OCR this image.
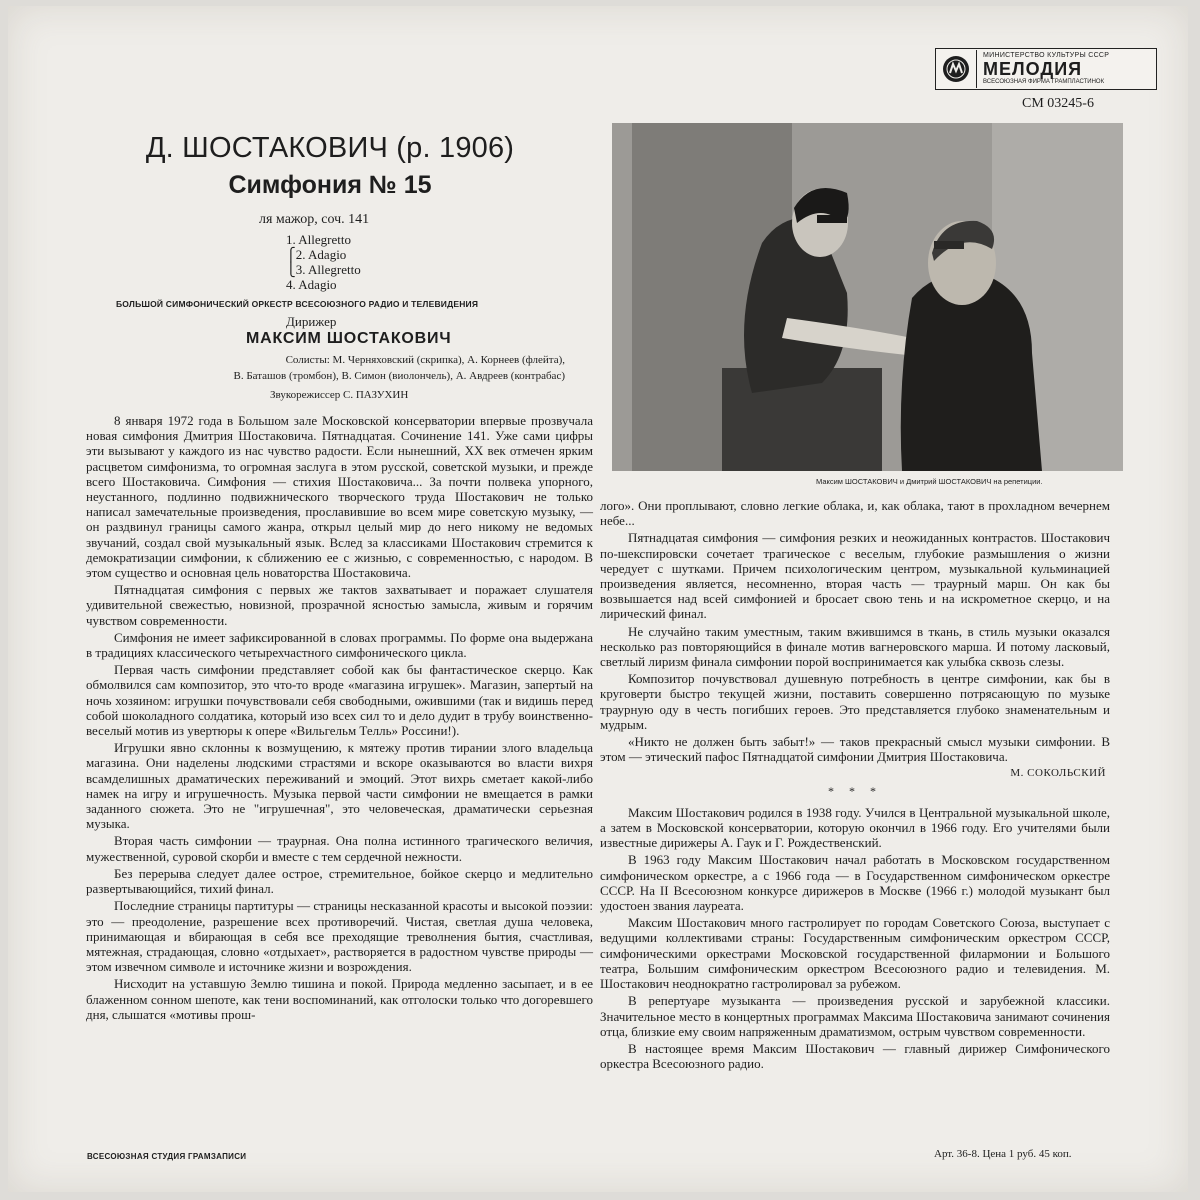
МИНИСТЕРСТВО КУЛЬТУРЫ СССР
МЕЛОДИЯ
ВСЕСОЮЗНАЯ ФИРМА ГРАМПЛАСТИНОК
СМ 03245-6
Д. ШОСТАКОВИЧ (р. 1906)
Симфония № 15
ля мажор, соч. 141
1. Allegretto
⎧2. Adagio
⎩3. Allegretto
4. Adagio
БОЛЬШОЙ СИМФОНИЧЕСКИЙ ОРКЕСТР ВСЕСОЮЗНОГО РАДИО И ТЕЛЕВИДЕНИЯ
Дирижер
МАКСИМ ШОСТАКОВИЧ
Солисты: М. Черняховский (скрипка), А. Корнеев (флейта),
В. Баташов (тромбон), В. Симон (виолончель), А. Авдреев (контрабас)
Звукорежиссер С. ПАЗУХИН
Максим ШОСТАКОВИЧ и Дмитрий ШОСТАКОВИЧ на репетиции.

8 января 1972 года в Большом зале Московской консерватории впервые прозвучала новая симфония Дмитрия Шостаковича. Пятнадцатая. Сочинение 141. Уже сами цифры эти вызывают у каждого из нас чувство радости. Если нынешний, XX век отмечен ярким расцветом симфонизма, то огромная заслуга в этом русской, советской музыки, и прежде всего Шостаковича. Симфония — стихия Шостаковича... За почти полвека упорного, неустанного, подлинно подвижнического творческого труда Шостакович не только написал замечательные произведения, прославившие во всем мире советскую музыку, — он раздвинул границы самого жанра, открыл целый мир до него никому не ведомых звучаний, создал свой музыкальный язык. Вслед за классиками Шостакович стремится к демократизации симфонии, к сближению ее с жизнью, с современностью, с народом. В этом существо и основная цель новаторства Шостаковича.

Пятнадцатая симфония с первых же тактов захватывает и поражает слушателя удивительной свежестью, новизной, прозрачной ясностью замысла, живым и горячим чувством современности.

Симфония не имеет зафиксированной в словах программы. По форме она выдержана в традициях классического четырехчастного симфонического цикла.

Первая часть симфонии представляет собой как бы фантастическое скерцо. Как обмолвился сам композитор, это что-то вроде «магазина игрушек». Магазин, запертый на ночь хозяином: игрушки почувствовали себя свободными, ожившими (так и видишь перед собой шоколадного солдатика, который изо всех сил то и дело дудит в трубу воинственно-веселый мотив из увертюры к опере «Вильгельм Телль» Россини!).

Игрушки явно склонны к возмущению, к мятежу против тирании злого владельца магазина. Они наделены людскими страстями и вскоре оказываются во власти вихря всамделишных драматических переживаний и эмоций. Этот вихрь сметает какой-либо намек на игру и игрушечность. Музыка первой части симфонии не вмещается в рамки заданного сюжета. Это не "игрушечная", это человеческая, драматически серьезная музыка.

Вторая часть симфонии — траурная. Она полна истинного трагического величия, мужественной, суровой скорби и вместе с тем сердечной нежности.

Без перерыва следует далее острое, стремительное, бойкое скерцо и медлительно развертывающийся, тихий финал.

Последние страницы партитуры — страницы несказанной красоты и высокой поэзии: это — преодоление, разрешение всех противоречий. Чистая, светлая душа человека, принимающая и вбирающая в себя все преходящие треволнения бытия, счастливая, мятежная, страдающая, словно «отдыхает», растворяется в радостном чувстве природы — этом извечном символе и источнике жизни и возрождения.

Нисходит на уставшую Землю тишина и покой. Природа медленно засыпает, и в ее блаженном сонном шепоте, как тени воспоминаний, как отголоски только что догоревшего дня, слышатся «мотивы прош-

лого». Они проплывают, словно легкие облака, и, как облака, тают в прохладном вечернем небе...

Пятнадцатая симфония — симфония резких и неожиданных контрастов. Шостакович по-шекспировски сочетает трагическое с веселым, глубокие размышления о жизни чередует с шутками. Причем психологическим центром, музыкальной кульминацией произведения является, несомненно, вторая часть — траурный марш. Он как бы возвышается над всей симфонией и бросает свою тень и на искрометное скерцо, и на лирический финал.

Не случайно таким уместным, таким вжившимся в ткань, в стиль музыки оказался несколько раз повторяющийся в финале мотив вагнеровского марша. И потому ласковый, светлый лиризм финала симфонии порой воспринимается как улыбка сквозь слезы.

Композитор почувствовал душевную потребность в центре симфонии, как бы в круговерти быстро текущей жизни, поставить совершенно потрясающую по музыке траурную оду в честь погибших героев. Это представляется глубоко знаменательным и мудрым.

«Никто не должен быть забыт!» — таков прекрасный смысл музыки симфонии. В этом — этический пафос Пятнадцатой симфонии Дмитрия Шостаковича.

М. СОКОЛЬСКИЙ
* * *

Максим Шостакович родился в 1938 году. Учился в Центральной музыкальной школе, а затем в Московской консерватории, которую окончил в 1966 году. Его учителями были известные дирижеры А. Гаук и Г. Рождественский.

В 1963 году Максим Шостакович начал работать в Московском государственном симфоническом оркестре, а с 1966 года — в Государственном симфоническом оркестре СССР. На II Всесоюзном конкурсе дирижеров в Москве (1966 г.) молодой музыкант был удостоен звания лауреата.

Максим Шостакович много гастролирует по городам Советского Союза, выступает с ведущими коллективами страны: Государственным симфоническим оркестром СССР, симфоническими оркестрами Московской государственной филармонии и Большого театра, Большим симфоническим оркестром Всесоюзного радио и телевидения. М. Шостакович неоднократно гастролировал за рубежом.

В репертуаре музыканта — произведения русской и зарубежной классики. Значительное место в концертных программах Максима Шостаковича занимают сочинения отца, близкие ему своим напряженным драматизмом, острым чувством современности.

В настоящее время Максим Шостакович — главный дирижер Симфонического оркестра Всесоюзного радио.

ВСЕСОЮЗНАЯ СТУДИЯ ГРАМЗАПИСИ	Арт. 36-8. Цена 1 руб. 45 коп.
